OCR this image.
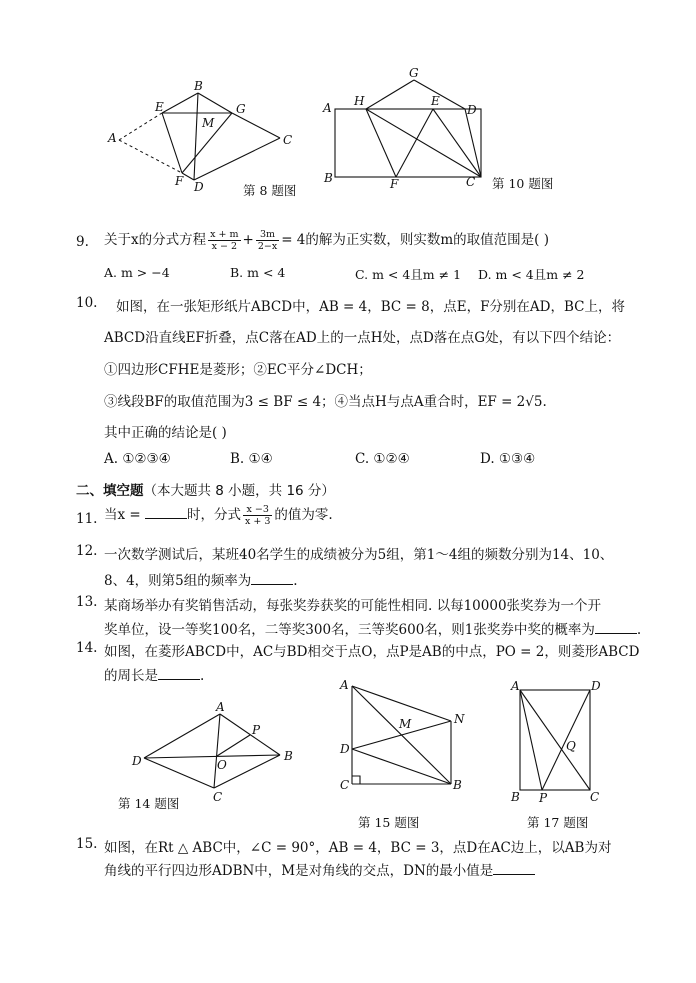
B
E	G
M
A	C
F D	第 8 题图
G
H	E
A	D
B	F	C 第 10 题图
9. 关于x的分式方程 $\frac{x + m}{x - 2} + \frac{3m}{2-x} = 4$的解为正实数，则实数m的取值范围是( )
A. m > −4	B. m < 4	C. m < 4且m ≠ 1 D. m < 4且m ≠ 2
10. 如图，在一张矩形纸片ABCD中，AB = 4，BC = 8，点E，F分别在AD，BC上，将
ABCD沿直线EF折叠，点C落在AD上的一点H处，点D落在点G处，有以下四个结论：
①四边形CFHE是菱形；②EC平分∠DCH；
③线段BF的取值范围为3 ≤ BF ≤ 4；④当点H与点A重合时，EF = 2√5.
其中正确的结论是( )
A. ①②③④	B. ①④	C. ①②④	D. ①③④
二、填空题（本大题共 8 小题，共 16 分）
11. 当x =	时，分式 $\frac{x -3}{x + 3}$ 的值为零.
12. 一次数学测试后，某班40名学生的成绩被分为5组，第1～4组的频数分别为14、10、
8、4，则第5组的频率为	.
13. 某商场举办有奖销售活动，每张奖券获奖的可能性相同. 以每10000张奖券为一个开
奖单位，设一等奖100名，二等奖300名，三等奖600名，则1张奖券中奖的概率为	.
14. 如图，在菱形ABCD中，AC与BD相交于点O，点P是AB的中点，PO = 2，则菱形ABCD
的周长是	.
A
P
D	O
B
C
第 14 题图
A
N
M
D
C	B
第 15 题图
A	D
Q
B P	C
第 17 题图
15. 如图，在Rt △ ABC中，∠C = 90°，AB = 4，BC = 3，点D在AC边上，以AB为对
角线的平行四边形ADBN中，M是对角线的交点，DN的最小值是
